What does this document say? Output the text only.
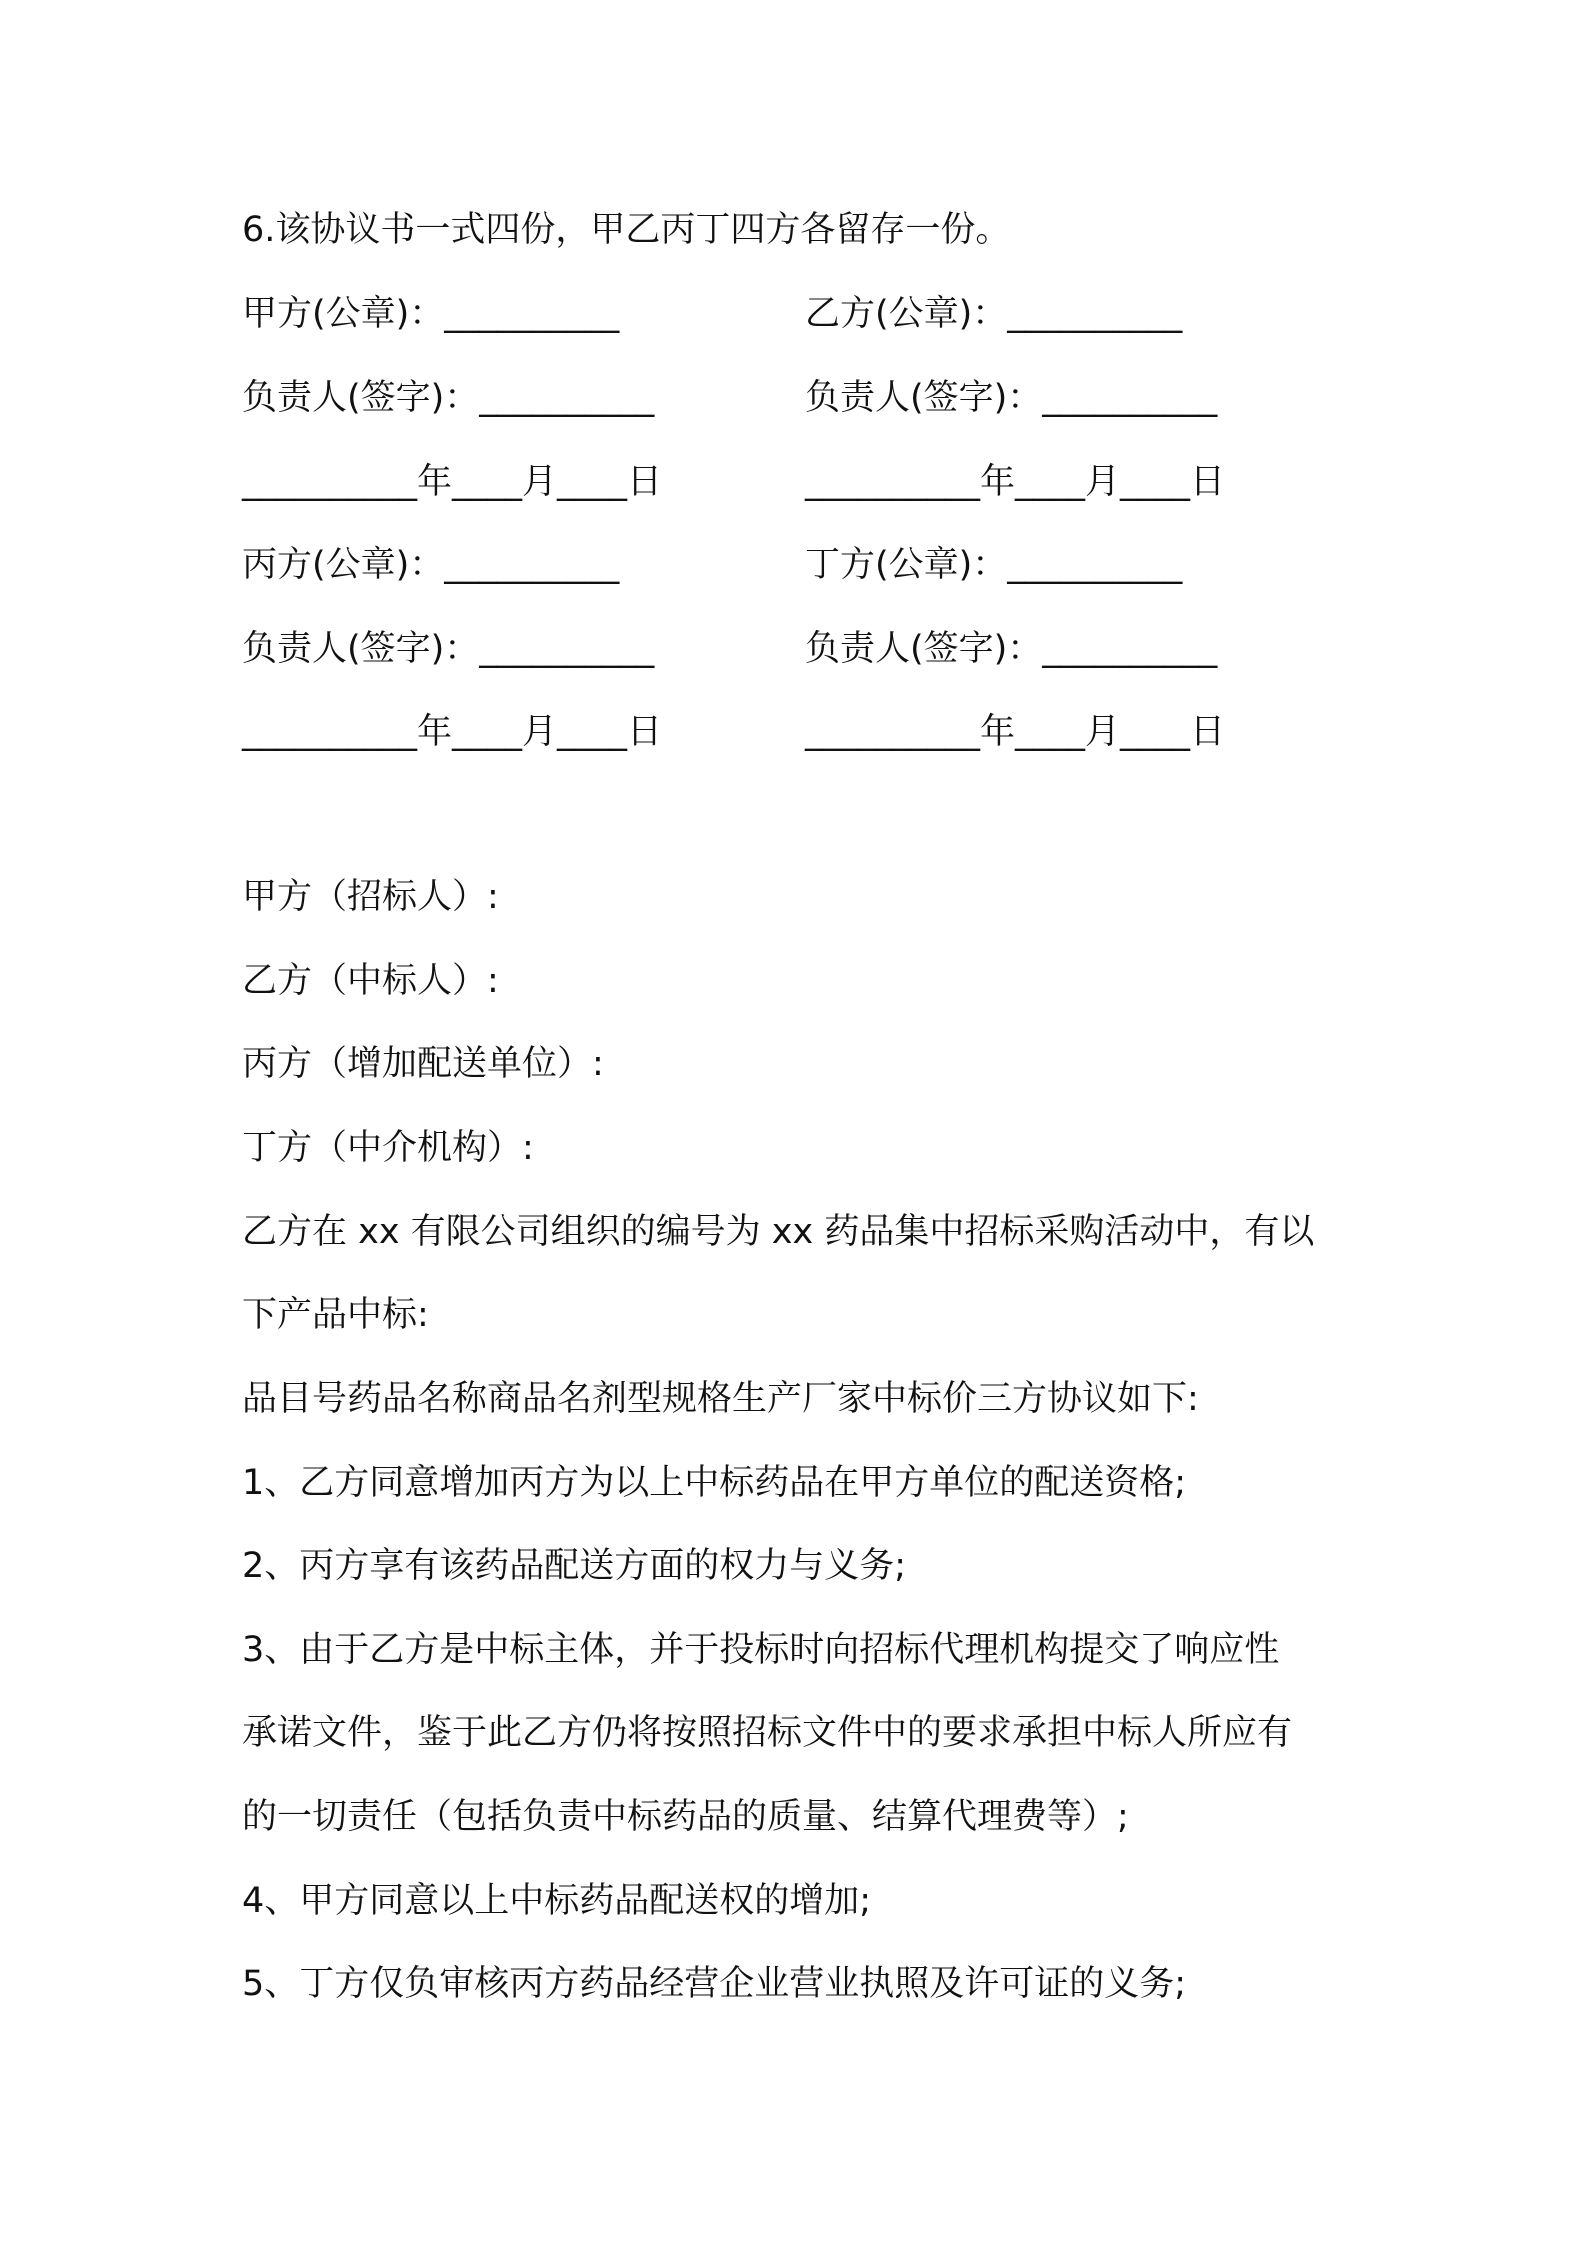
6.该协议书一式四份，甲乙丙丁四方各留存一份。
甲方(公章)：__________	乙方(公章)：__________
负责人(签字)：__________	负责人(签字)：__________
__________年____月____日	__________年____月____日
丙方(公章)：__________	丁方(公章)：__________
负责人(签字)：__________	负责人(签字)：__________
__________年____月____日	__________年____月____日
甲方（招标人）:
乙方（中标人）:
丙方（增加配送单位）:
丁方（中介机构）:
乙方在 xx 有限公司组织的编号为 xx 药品集中招标采购活动中，有以
下产品中标:
品目号药品名称商品名剂型规格生产厂家中标价三方协议如下:
1、乙方同意增加丙方为以上中标药品在甲方单位的配送资格;
2、丙方享有该药品配送方面的权力与义务;
3、由于乙方是中标主体，并于投标时向招标代理机构提交了响应性
承诺文件，鉴于此乙方仍将按照招标文件中的要求承担中标人所应有
的一切责任（包括负责中标药品的质量、结算代理费等）;
4、甲方同意以上中标药品配送权的增加;
5、丁方仅负审核丙方药品经营企业营业执照及许可证的义务;
